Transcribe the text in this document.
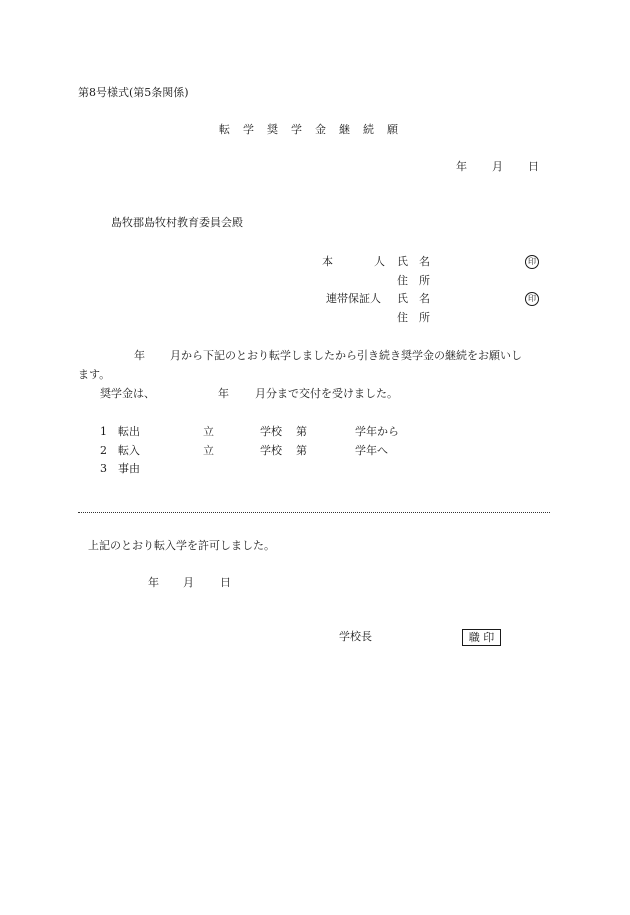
第8号様式(第5条関係)
転 学 奨 学 金 継 続 願
年 月 日
島牧郡島牧村教育委員会殿
本	人 氏　名	印
住　所
連帯保証人 氏　名	印
住　所
年 月から下記のとおり転学しましたから引き続き奨学金の継続をお願いし
ます。
奨学金は、	年 月分まで交付を受けました。
1 転出	立	学校 第	学年から
2 転入	立	学校 第	学年へ
3 事由
上記のとおり転入学を許可しました。
年 月 日
学校長	職 印
